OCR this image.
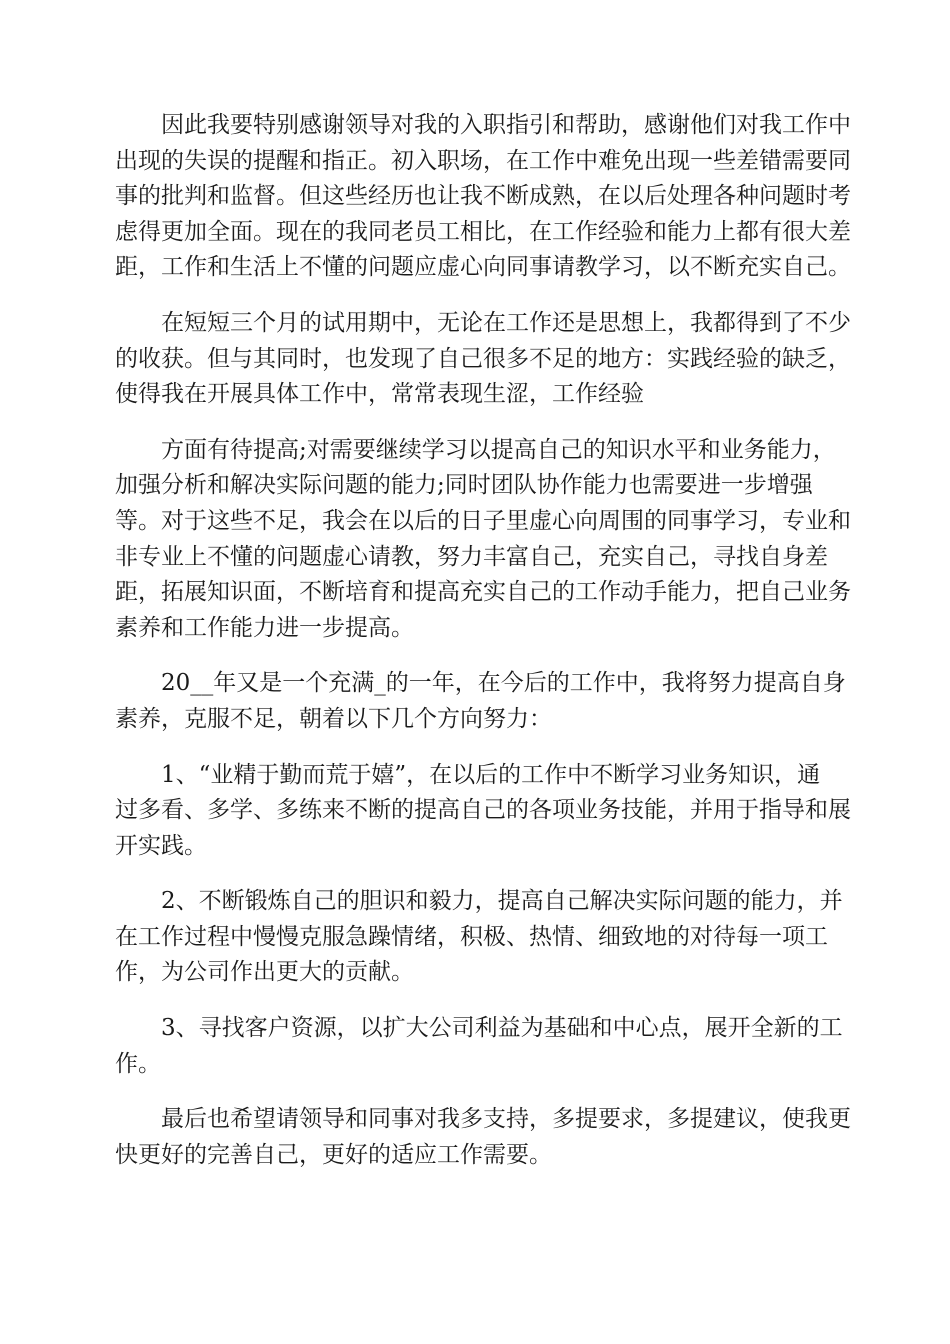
因此我要特别感谢领导对我的入职指引和帮助，感谢他们对我工作中
出现的失误的提醒和指正。初入职场，在工作中难免出现一些差错需要同
事的批判和监督。但这些经历也让我不断成熟，在以后处理各种问题时考
虑得更加全面。现在的我同老员工相比，在工作经验和能力上都有很大差
距，工作和生活上不懂的问题应虚心向同事请教学习，以不断充实自己。

在短短三个月的试用期中，无论在工作还是思想上，我都得到了不少
的收获。但与其同时，也发现了自己很多不足的地方：实践经验的缺乏，
使得我在开展具体工作中，常常表现生涩，工作经验

方面有待提高;对需要继续学习以提高自己的知识水平和业务能力，
加强分析和解决实际问题的能力;同时团队协作能力也需要进一步增强
等。对于这些不足，我会在以后的日子里虚心向周围的同事学习，专业和
非专业上不懂的问题虚心请教，努力丰富自己，充实自己，寻找自身差
距，拓展知识面，不断培育和提高充实自己的工作动手能力，把自己业务
素养和工作能力进一步提高。

20__年又是一个充满_的一年，在今后的工作中，我将努力提高自身
素养，克服不足，朝着以下几个方向努力：

1、“业精于勤而荒于嬉”，在以后的工作中不断学习业务知识，通
过多看、多学、多练来不断的提高自己的各项业务技能，并用于指导和展
开实践。

2、不断锻炼自己的胆识和毅力，提高自己解决实际问题的能力，并
在工作过程中慢慢克服急躁情绪，积极、热情、细致地的对待每一项工
作，为公司作出更大的贡献。

3、寻找客户资源，以扩大公司利益为基础和中心点，展开全新的工
作。

最后也希望请领导和同事对我多支持，多提要求，多提建议，使我更
快更好的完善自己，更好的适应工作需要。
